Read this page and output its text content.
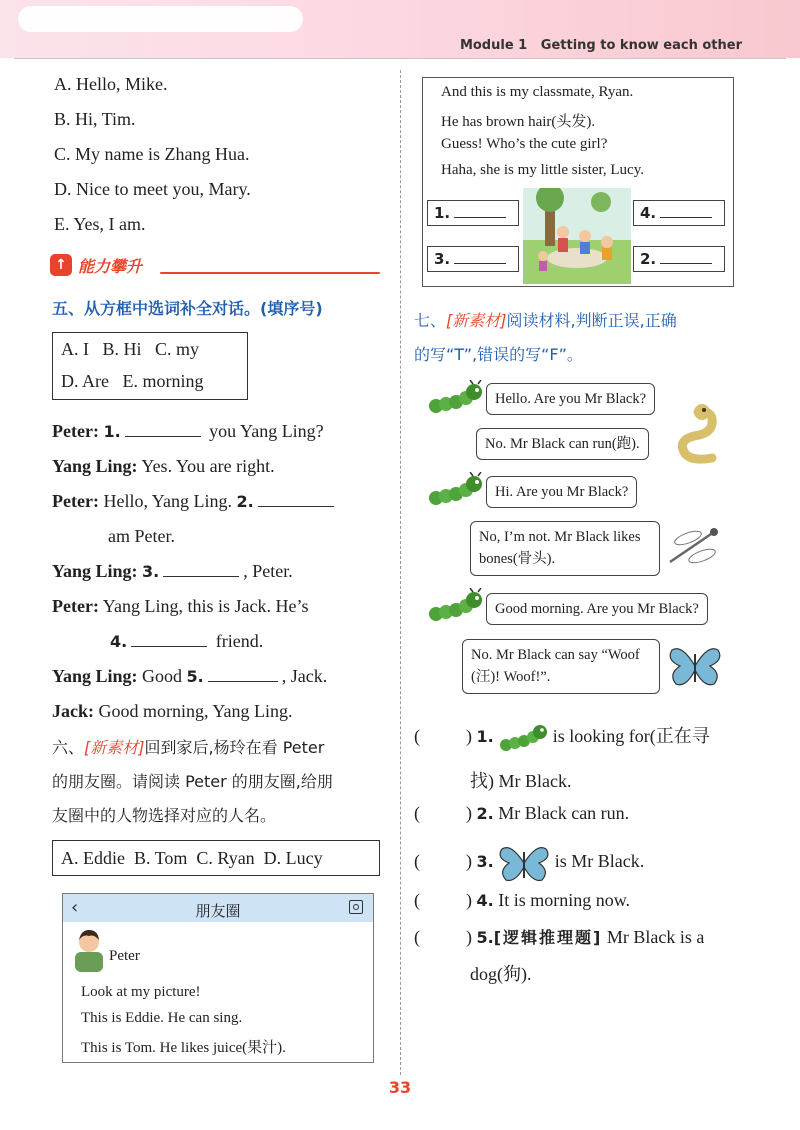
Module 1 Getting to know each other
A. Hello, Mike.
B. Hi, Tim.
C. My name is Zhang Hua.
D. Nice to meet you, Mary.
E. Yes, I am.
↑ 能力攀升
五、从方框中选词补全对话。(填序号)
A. I   B. Hi   C. my
D. Are   E. morning
Peter: 1.	you Yang Ling?
Yang Ling: Yes. You are right.
Peter: Hello, Yang Ling. 2.
am Peter.
Yang Ling: 3.	, Peter.
Peter: Yang Ling, this is Jack. He’s
4.	friend.
Yang Ling: Good 5.	, Jack.
Jack: Good morning, Yang Ling.
六、[新素材]回到家后,杨玲在看 Peter
的朋友圈。请阅读 Peter 的朋友圈,给朋
友圈中的人物选择对应的人名。
A. Eddie  B. Tom  C. Ryan  D. Lucy
‹	朋友圈
Peter
Look at my picture!
This is Eddie. He can sing.
This is Tom. He likes juice(果汁).
And this is my classmate, Ryan.
He has brown hair(头发).
Guess! Who’s the cute girl?
Haha, she is my little sister, Lucy.
1.	4.
3.	2.
七、[新素材]阅读材料,判断正误,正确
的写“T”,错误的写“F”。
Hello. Are you Mr Black?
No. Mr Black can run(跑).
Hi. Are you Mr Black?
No, I’m not. Mr Black likes
bones(骨头).
Good morning. Are you Mr Black?
No. Mr Black can say “Woof
(汪)! Woof!”.
(	) 1.	is looking for(正在寻
找) Mr Black.
(	) 2. Mr Black can run.
(	) 3.	is Mr Black.
(	) 4. It is morning now.
(	) 5.[逻辑推理题] Mr Black is a
dog(狗).
33
